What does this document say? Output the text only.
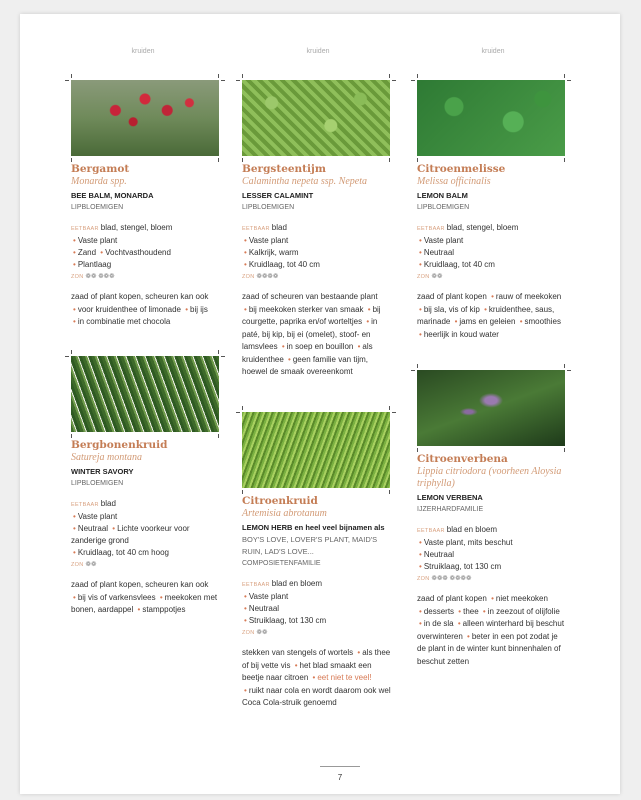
kruiden	kruiden	kruiden
Bergamot
Monarda spp.
BEE BALM, MONARDA
LIPBLOEMIGEN
EETBAAR blad, stengel, bloem
• Vaste plant
• Zand • Vochtvasthoudend
• Plantlaag
ZON ❁❁ ❁❁❁
zaad of plant kopen, scheuren kan ook • voor kruidenthee of limonade • bij ijs • in combinatie met chocola
Bergbonenkruid
Satureja montana
WINTER SAVORY
LIPBLOEMIGEN
EETBAAR blad
• Vaste plant
• Neutraal • Lichte voorkeur voor zanderige grond
• Kruidlaag, tot 40 cm hoog
ZON ❁❁
zaad of plant kopen, scheuren kan ook • bij vis of varkensvlees • meekoken met bonen, aardappel • stamppotjes
Bergsteentijm
Calamintha nepeta ssp. Nepeta
LESSER CALAMINT
LIPBLOEMIGEN
EETBAAR blad
• Vaste plant
• Kalkrijk, warm
• Kruidlaag, tot 40 cm
ZON ❁❁❁❁
zaad of scheuren van bestaande plant • bij meekoken sterker van smaak • bij courgette, paprika en/of worteltjes • in paté, bij kip, bij ei (omelet), stoof- en lamsvlees • in soep en bouillon • als kruidenthee • geen familie van tijm, hoewel de smaak overeenkomt
Citroenkruid
Artemisia abrotanum
LEMON HERB en heel veel bijnamen als
BOY'S LOVE, LOVER'S PLANT, MAID'S RUIN, LAD'S LOVE...
COMPOSIETENFAMILIE
EETBAAR blad en bloem
• Vaste plant
• Neutraal
• Struiklaag, tot 130 cm
ZON ❁❁
stekken van stengels of wortels • als thee of bij vette vis • het blad smaakt een beetje naar citroen • eet niet te veel! • ruikt naar cola en wordt daarom ook wel Coca Cola-struik genoemd
Citroenmelisse
Melissa officinalis
LEMON BALM
LIPBLOEMIGEN
EETBAAR blad, stengel, bloem
• Vaste plant
• Neutraal
• Kruidlaag, tot 40 cm
ZON ❁❁
zaad of plant kopen • rauw of meekoken • bij sla, vis of kip • kruidenthee, saus, marinade • jams en geleien • smoothies • heerlijk in koud water
Citroenverbena
Lippia citriodora (voorheen Aloysia triphylla)
LEMON VERBENA
IJZERHARDFAMILIE
EETBAAR blad en bloem
• Vaste plant, mits beschut
• Neutraal
• Struiklaag, tot 130 cm
ZON ❁❁❁ ❁❁❁❁
zaad of plant kopen • niet meekoken • desserts • thee • in zeezout of olijfolie • in de sla • alleen winterhard bij beschut overwinteren • beter in een pot zodat je de plant in de winter kunt binnenhalen of beschut zetten
7
